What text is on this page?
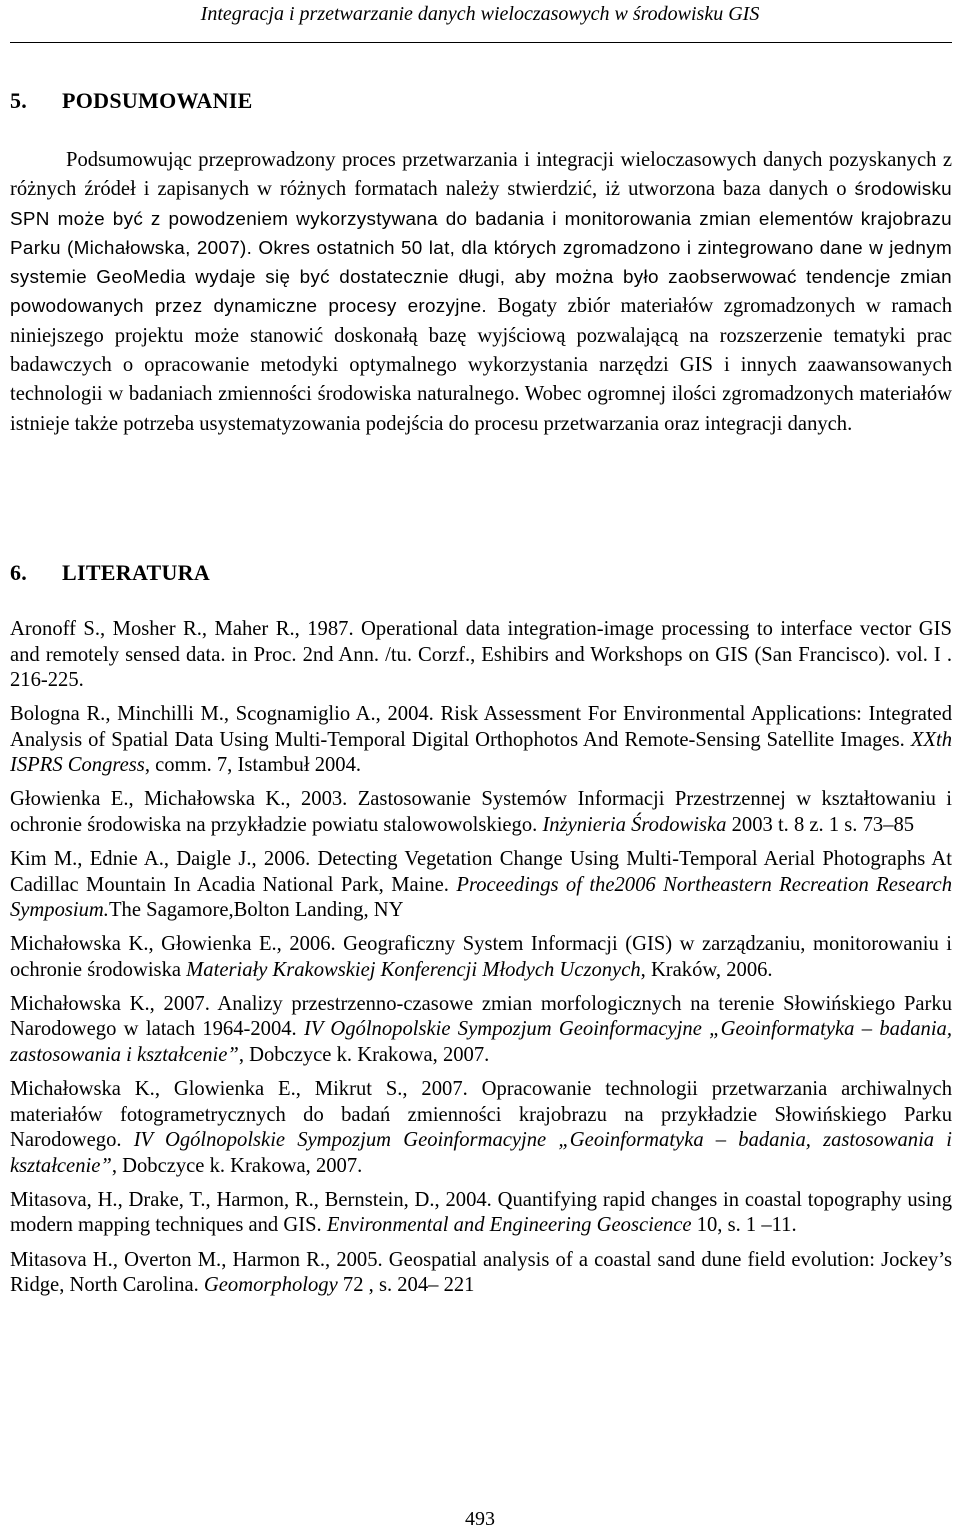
Integracja i przetwarzanie danych wieloczasowych w środowisku GIS
5. PODSUMOWANIE

Podsumowując przeprowadzony proces przetwarzania i integracji wieloczasowych danych pozyskanych z różnych źródeł i zapisanych w różnych formatach należy stwierdzić, iż utworzona baza danych o środowisku SPN może być z powodzeniem wykorzystywana do badania i monitorowania zmian elementów krajobrazu Parku (Michałowska, 2007). Okres ostatnich 50 lat, dla których zgromadzono i zintegrowano dane w jednym systemie GeoMedia wydaje się być dostatecznie długi, aby można było zaobserwować tendencje zmian powodowanych przez dynamiczne procesy erozyjne. Bogaty zbiór materiałów zgromadzonych w ramach niniejszego projektu może stanowić doskonałą bazę wyjściową pozwalającą na rozszerzenie tematyki prac badawczych o opracowanie metodyki optymalnego wykorzystania narzędzi GIS i innych zaawansowanych technologii w badaniach zmienności środowiska naturalnego. Wobec ogromnej ilości zgromadzonych materiałów istnieje także potrzeba usystematyzowania podejścia do procesu przetwarzania oraz integracji danych.

6. LITERATURA
Aronoff S., Mosher R., Maher R., 1987. Operational data integration-image processing to interface vector GIS and remotely sensed data. in Proc. 2nd Ann. /tu. Corzf., Eshibirs and Workshops on GIS (San Francisco). vol. I . 216-225.
Bologna R., Minchilli M., Scognamiglio A., 2004. Risk Assessment For Environmental Applications: Integrated Analysis of Spatial Data Using Multi-Temporal Digital Orthophotos And Remote-Sensing Satellite Images. XXth ISPRS Congress, comm. 7, Istambuł 2004.
Głowienka E., Michałowska K., 2003. Zastosowanie Systemów Informacji Przestrzennej w kształtowaniu i ochronie środowiska na przykładzie powiatu stalowowolskiego. Inżynieria Środowiska 2003 t. 8 z. 1 s. 73–85
Kim M., Ednie A., Daigle J., 2006. Detecting Vegetation Change Using Multi-Temporal Aerial Photographs At Cadillac Mountain In Acadia National Park, Maine. Proceedings of the2006 Northeastern Recreation Research Symposium.The Sagamore,Bolton Landing, NY
Michałowska K., Głowienka E., 2006. Geograficzny System Informacji (GIS) w zarządzaniu, monitorowaniu i ochronie środowiska Materiały Krakowskiej Konferencji Młodych Uczonych, Kraków, 2006.
Michałowska K., 2007. Analizy przestrzenno-czasowe zmian morfologicznych na terenie Słowińskiego Parku Narodowego w latach 1964-2004. IV Ogólnopolskie Sympozjum Geoinformacyjne „Geoinformatyka – badania, zastosowania i kształcenie”, Dobczyce k. Krakowa, 2007.
Michałowska K., Glowienka E., Mikrut S., 2007. Opracowanie technologii przetwarzania archiwalnych materiałów fotogrametrycznych do badań zmienności krajobrazu na przykładzie Słowińskiego Parku Narodowego. IV Ogólnopolskie Sympozjum Geoinformacyjne „Geoinformatyka – badania, zastosowania i kształcenie”, Dobczyce k. Krakowa, 2007.
Mitasova, H., Drake, T., Harmon, R., Bernstein, D., 2004. Quantifying rapid changes in coastal topography using modern mapping techniques and GIS. Environmental and Engineering Geoscience 10, s. 1 –11.
Mitasova H., Overton M., Harmon R., 2005. Geospatial analysis of a coastal sand dune field evolution: Jockey’s Ridge, North Carolina. Geomorphology 72 , s. 204– 221
493
